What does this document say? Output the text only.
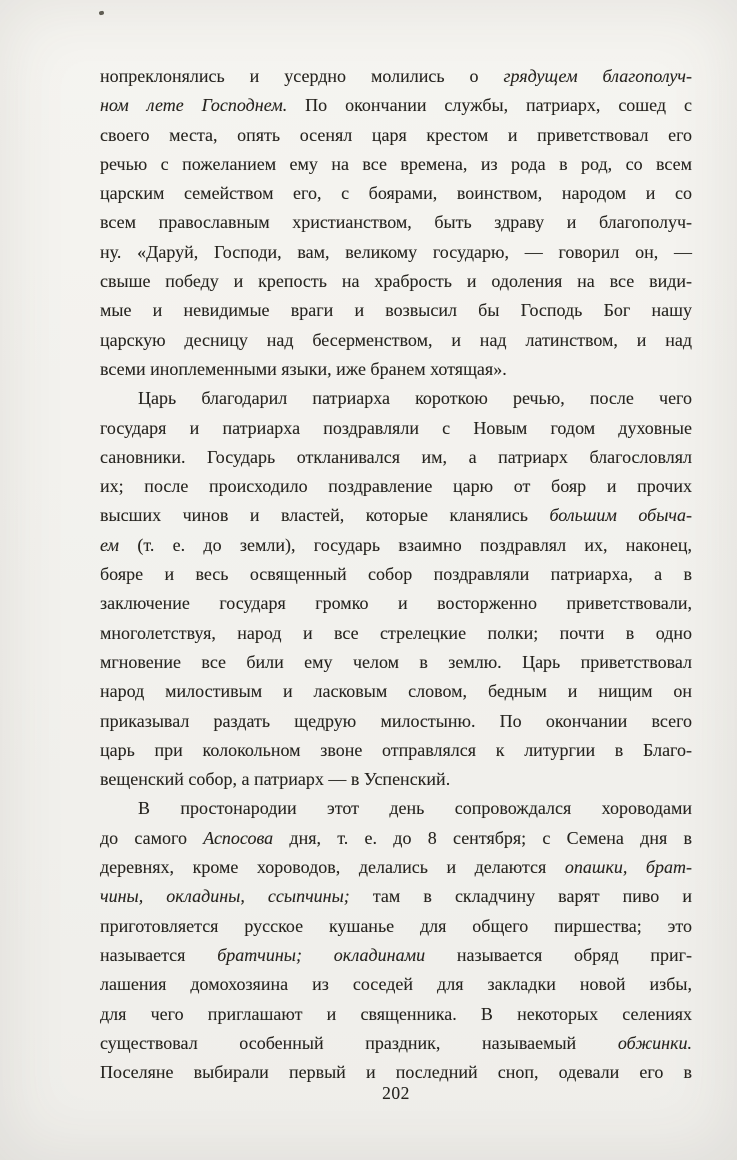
нопреклонялись и усердно молились о грядущем благополуч-
ном лете Господнем. По окончании службы, патриарх, сошед с
своего места, опять осенял царя крестом и приветствовал его
речью с пожеланием ему на все времена, из рода в род, со всем
царским семейством его, с боярами, воинством, народом и со
всем православным христианством, быть здраву и благополуч-
ну. «Даруй, Господи, вам, великому государю, — говорил он, —
свыше победу и крепость на храбрость и одоления на все види-
мые и невидимые враги и возвысил бы Господь Бог нашу
царскую десницу над бесерменством, и над латинством, и над
всеми иноплеменными языки, иже бранем хотящая».
Царь благодарил патриарха короткою речью, после чего
государя и патриарха поздравляли с Новым годом духовные
сановники. Государь откланивался им, а патриарх благословлял
их; после происходило поздравление царю от бояр и прочих
высших чинов и властей, которые кланялись большим обыча-
ем (т. е. до земли), государь взаимно поздравлял их, наконец,
бояре и весь освященный собор поздравляли патриарха, а в
заключение государя громко и восторженно приветствовали,
многолетствуя, народ и все стрелецкие полки; почти в одно
мгновение все били ему челом в землю. Царь приветствовал
народ милостивым и ласковым словом, бедным и нищим он
приказывал раздать щедрую милостыню. По окончании всего
царь при колокольном звоне отправлялся к литургии в Благо-
вещенский собор, а патриарх — в Успенский.
В простонародии этот день сопровождался хороводами
до самого Аспосова дня, т. е. до 8 сентября; с Семена дня в
деревнях, кроме хороводов, делались и делаются опашки, брат-
чины, окладины, ссыпчины; там в складчину варят пиво и
приготовляется русское кушанье для общего пиршества; это
называется братчины; окладинами называется обряд приг-
лашения домохозяина из соседей для закладки новой избы,
для чего приглашают и священника. В некоторых селениях
существовал особенный праздник, называемый обжинки.
Поселяне выбирали первый и последний сноп, одевали его в
202
